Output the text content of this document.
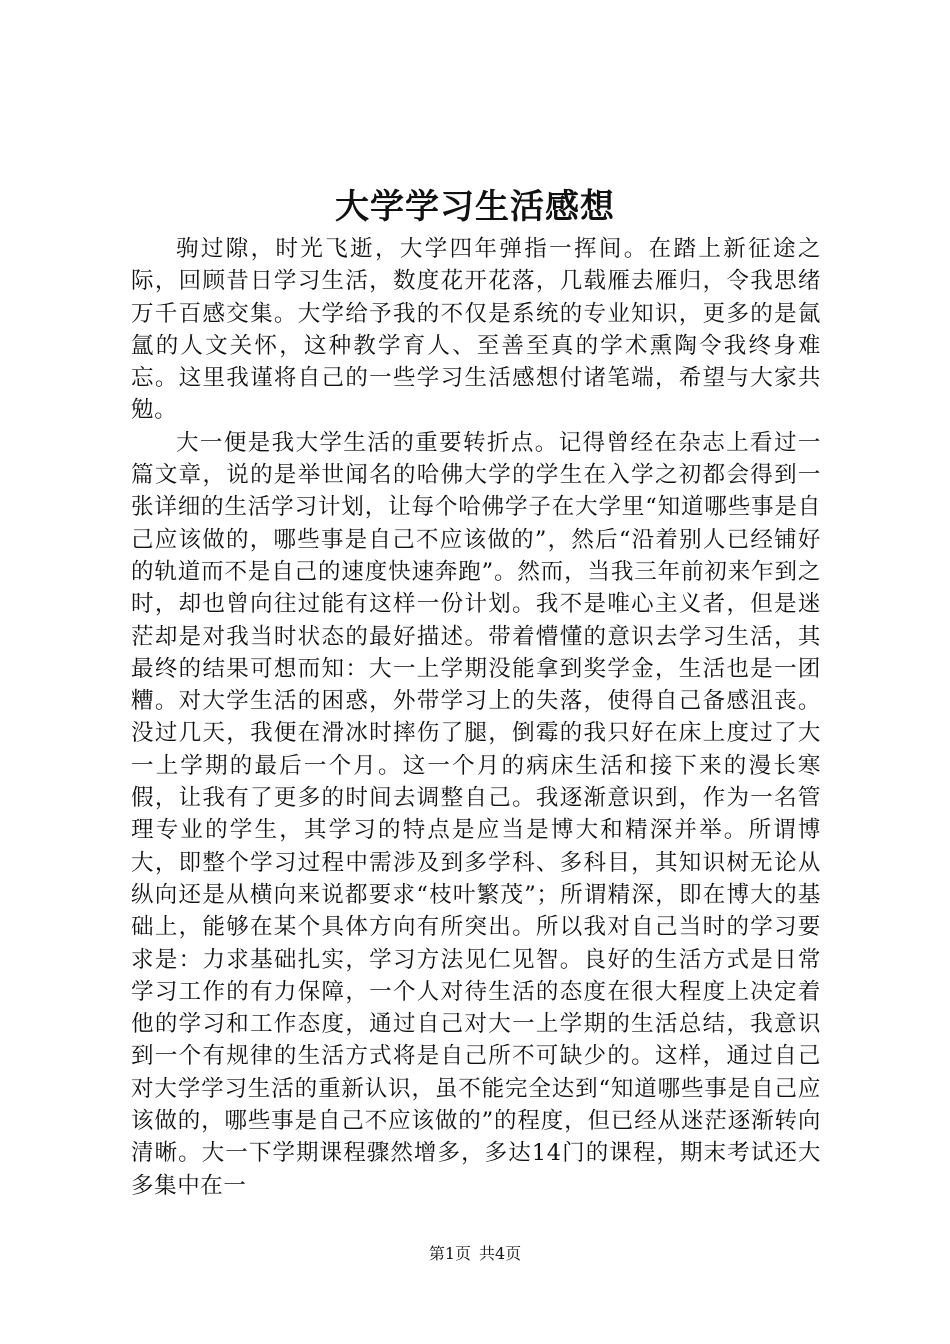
大学学习生活感想

驹过隙，时光飞逝，大学四年弹指一挥间。在踏上新征途之际，回顾昔日学习生活，数度花开花落，几载雁去雁归，令我思绪万千百感交集。大学给予我的不仅是系统的专业知识，更多的是氤氲的人文关怀，这种教学育人、至善至真的学术熏陶令我终身难忘。这里我谨将自己的一些学习生活感想付诸笔端，希望与大家共勉。

大一便是我大学生活的重要转折点。记得曾经在杂志上看过一篇文章，说的是举世闻名的哈佛大学的学生在入学之初都会得到一张详细的生活学习计划，让每个哈佛学子在大学里“知道哪些事是自己应该做的，哪些事是自己不应该做的”，然后“沿着别人已经铺好的轨道而不是自己的速度快速奔跑”。然而，当我三年前初来乍到之时，却也曾向往过能有这样一份计划。我不是唯心主义者，但是迷茫却是对我当时状态的最好描述。带着懵懂的意识去学习生活，其最终的结果可想而知：大一上学期没能拿到奖学金，生活也是一团糟。对大学生活的困惑，外带学习上的失落，使得自己备感沮丧。没过几天，我便在滑冰时摔伤了腿，倒霉的我只好在床上度过了大一上学期的最后一个月。这一个月的病床生活和接下来的漫长寒假，让我有了更多的时间去调整自己。我逐渐意识到，作为一名管理专业的学生，其学习的特点是应当是博大和精深并举。所谓博大，即整个学习过程中需涉及到多学科、多科目，其知识树无论从纵向还是从横向来说都要求“枝叶繁茂”；所谓精深，即在博大的基础上，能够在某个具体方向有所突出。所以我对自己当时的学习要求是：力求基础扎实，学习方法见仁见智。良好的生活方式是日常学习工作的有力保障，一个人对待生活的态度在很大程度上决定着他的学习和工作态度，通过自己对大一上学期的生活总结，我意识到一个有规律的生活方式将是自己所不可缺少的。这样，通过自己对大学学习生活的重新认识，虽不能完全达到“知道哪些事是自己应该做的，哪些事是自己不应该做的”的程度，但已经从迷茫逐渐转向清晰。大一下学期课程骤然增多，多达14门的课程，期末考试还大多集中在一

第1页 共4页
